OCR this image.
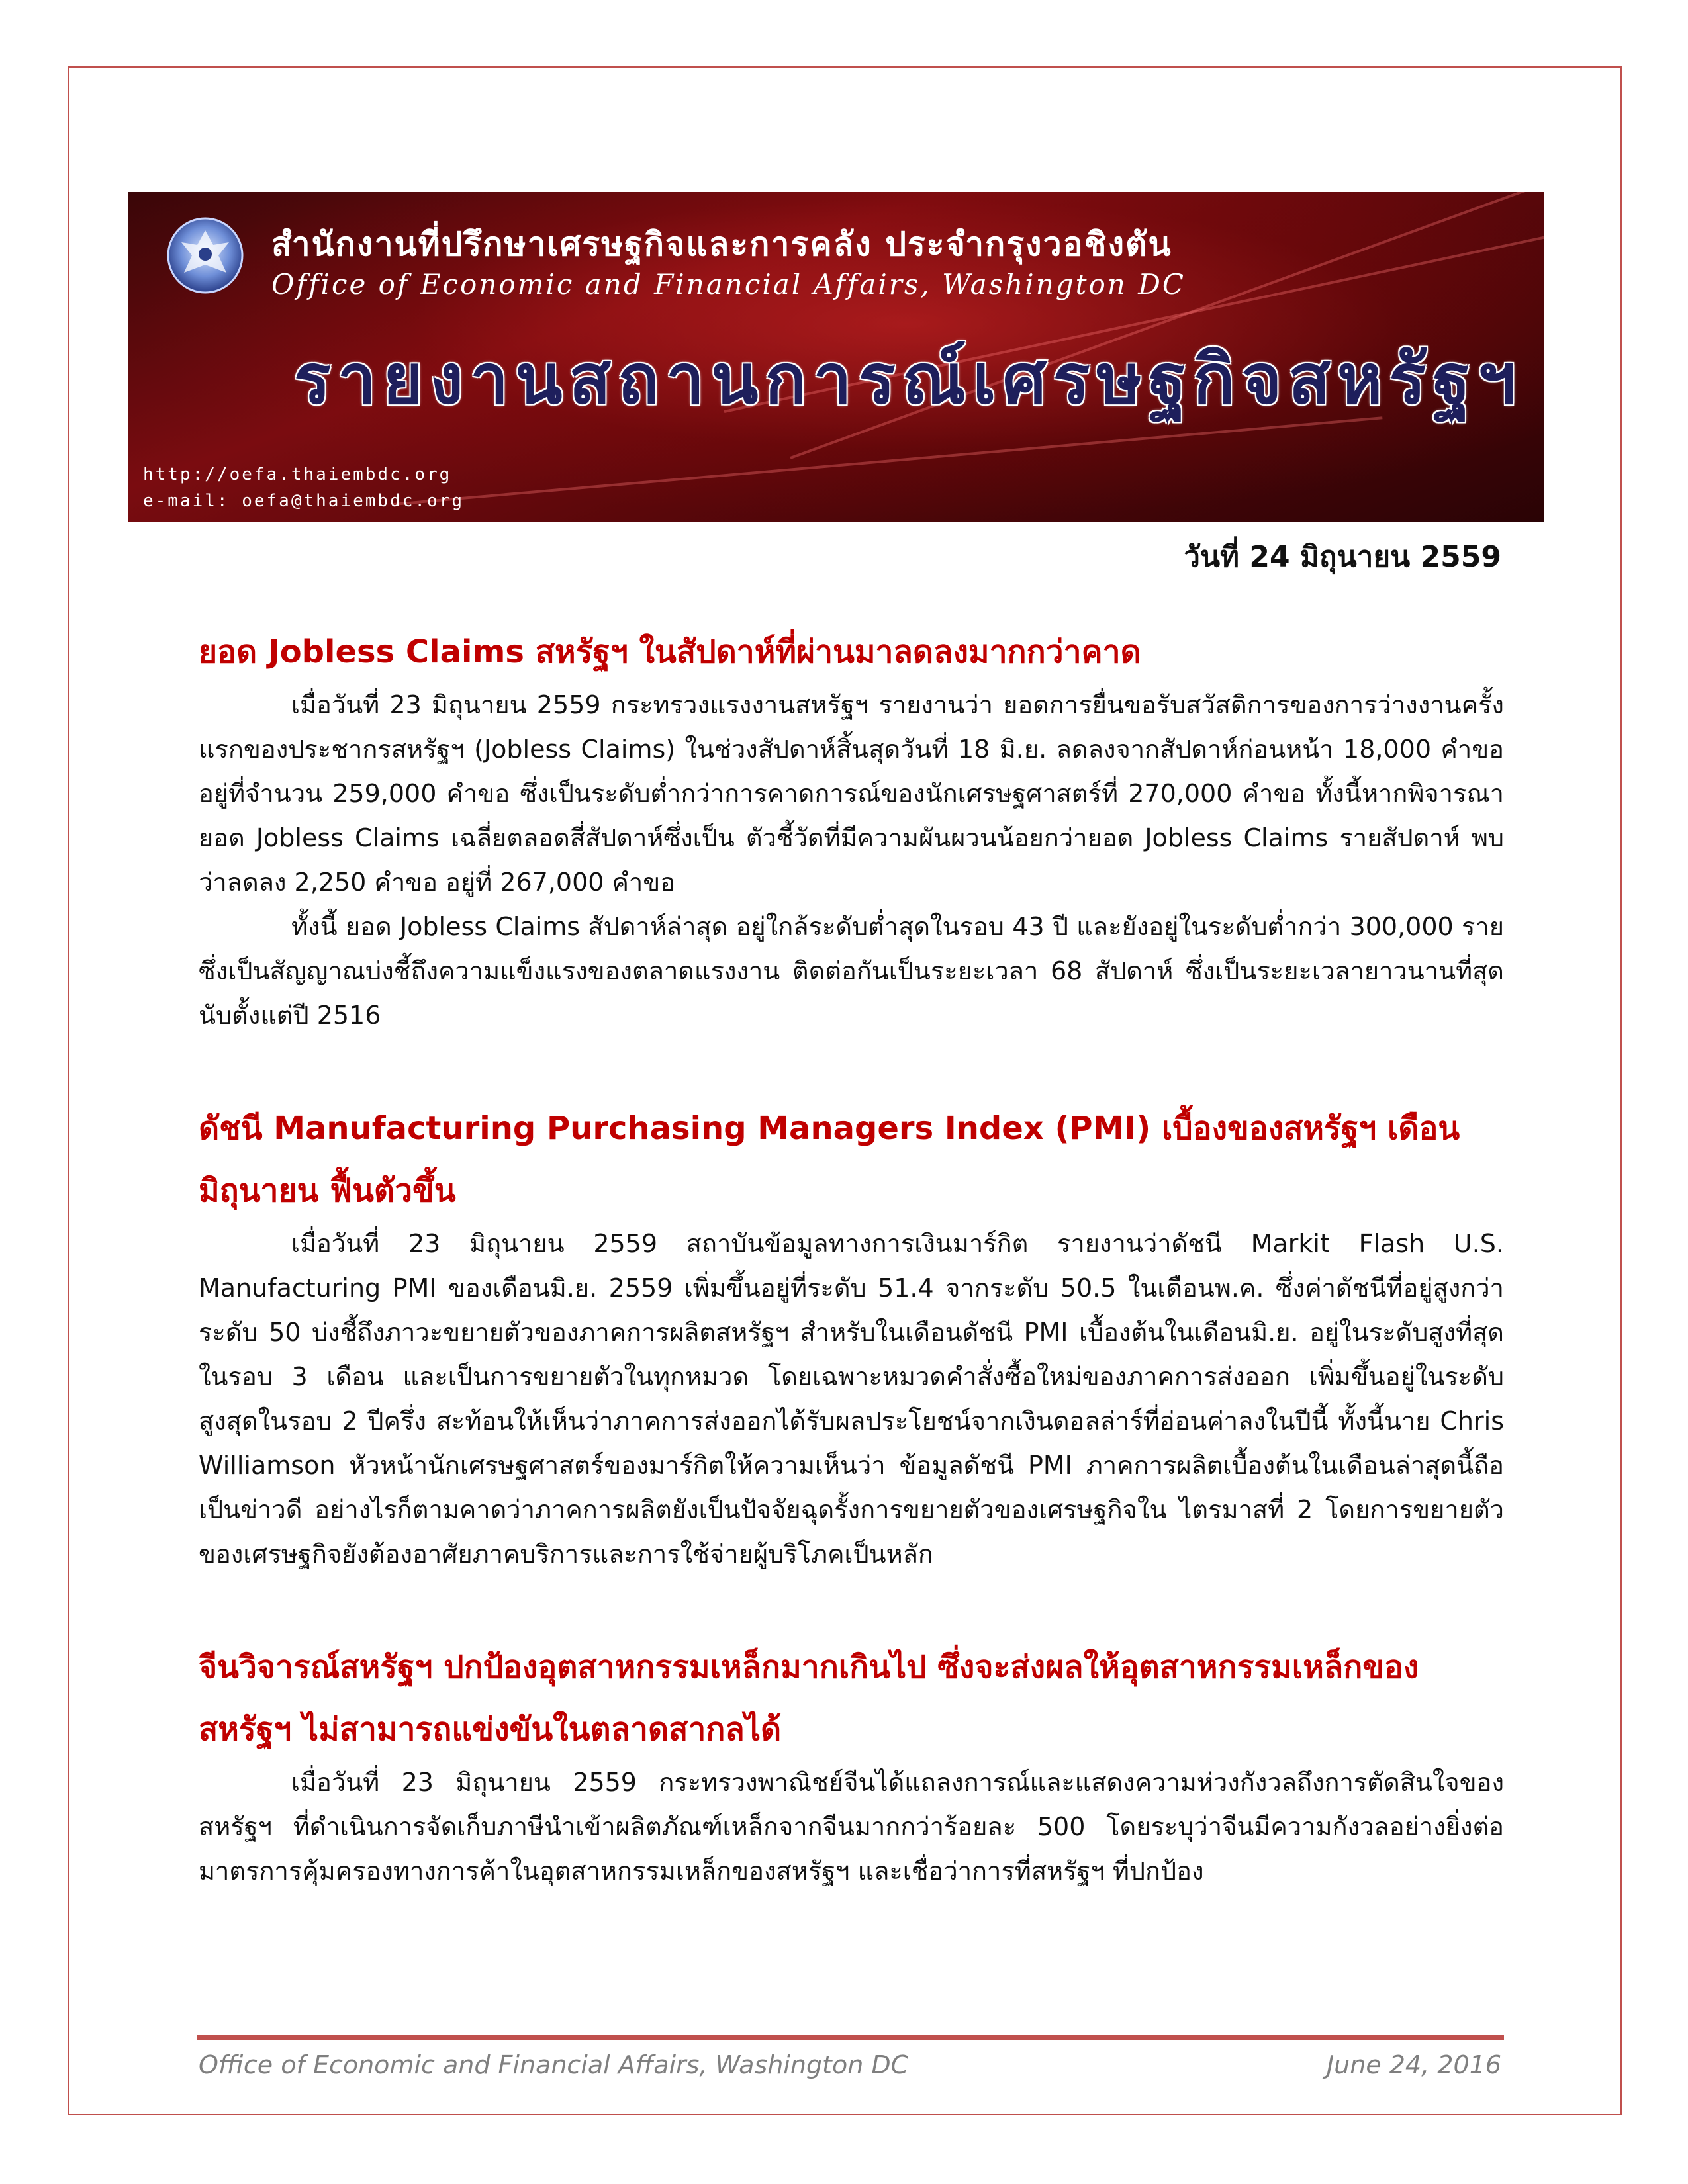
สำนักงานที่ปรึกษาเศรษฐกิจและการคลัง ประจำกรุงวอชิงตัน
Office of Economic and Financial Affairs, Washington DC
รายงานสถานการณ์เศรษฐกิจสหรัฐฯ
http://oefa.thaiembdc.org
e-mail: oefa@thaiembdc.org
วันที่ 24 มิถุนายน 2559
ยอด Jobless Claims สหรัฐฯ ในสัปดาห์ที่ผ่านมาลดลงมากกว่าคาด

เมื่อวันที่ 23 มิถุนายน 2559 กระทรวงแรงงานสหรัฐฯ รายงานว่า ยอดการยื่นขอรับสวัสดิการของการว่างงานครั้งแรกของประชากรสหรัฐฯ (Jobless Claims) ในช่วงสัปดาห์สิ้นสุดวันที่ 18 มิ.ย. ลดลงจากสัปดาห์ก่อนหน้า 18,000 คำขอ อยู่ที่จำนวน 259,000 คำขอ ซึ่งเป็นระดับต่ำกว่าการคาดการณ์ของนักเศรษฐศาสตร์ที่ 270,000 คำขอ ทั้งนี้หากพิจารณายอด Jobless Claims เฉลี่ยตลอดสี่สัปดาห์ซึ่งเป็น ตัวชี้วัดที่มีความผันผวนน้อยกว่ายอด Jobless Claims รายสัปดาห์ พบว่าลดลง 2,250 คำขอ อยู่ที่ 267,000 คำขอ

ทั้งนี้ ยอด Jobless Claims สัปดาห์ล่าสุด อยู่ใกล้ระดับต่ำสุดในรอบ 43 ปี และยังอยู่ในระดับต่ำกว่า 300,000 ราย ซึ่งเป็นสัญญาณบ่งชี้ถึงความแข็งแรงของตลาดแรงงาน ติดต่อกันเป็นระยะเวลา 68 สัปดาห์ ซึ่งเป็นระยะเวลายาวนานที่สุดนับตั้งแต่ปี 2516

ดัชนี Manufacturing Purchasing Managers Index (PMI) เบื้องของสหรัฐฯ เดือนมิถุนายน ฟื้นตัวขึ้น

เมื่อวันที่ 23 มิถุนายน 2559 สถาบันข้อมูลทางการเงินมาร์กิต รายงานว่าดัชนี Markit Flash U.S. Manufacturing PMI ของเดือนมิ.ย. 2559 เพิ่มขึ้นอยู่ที่ระดับ 51.4 จากระดับ 50.5 ในเดือนพ.ค. ซึ่งค่าดัชนีที่อยู่สูงกว่าระดับ 50 บ่งชี้ถึงภาวะขยายตัวของภาคการผลิตสหรัฐฯ สำหรับในเดือนดัชนี PMI เบื้องต้นในเดือนมิ.ย. อยู่ในระดับสูงที่สุดในรอบ 3 เดือน และเป็นการขยายตัวในทุกหมวด โดยเฉพาะหมวดคำสั่งซื้อใหม่ของภาคการส่งออก เพิ่มขึ้นอยู่ในระดับสูงสุดในรอบ 2 ปีครึ่ง สะท้อนให้เห็นว่าภาคการส่งออกได้รับผลประโยชน์จากเงินดอลล่าร์ที่อ่อนค่าลงในปีนี้ ทั้งนี้นาย Chris Williamson หัวหน้านักเศรษฐศาสตร์ของมาร์กิตให้ความเห็นว่า ข้อมูลดัชนี PMI ภาคการผลิตเบื้องต้นในเดือนล่าสุดนี้ถือเป็นข่าวดี อย่างไรก็ตามคาดว่าภาคการผลิตยังเป็นปัจจัยฉุดรั้งการขยายตัวของเศรษฐกิจใน ไตรมาสที่ 2 โดยการขยายตัวของเศรษฐกิจยังต้องอาศัยภาคบริการและการใช้จ่ายผู้บริโภคเป็นหลัก

จีนวิจารณ์สหรัฐฯ ปกป้องอุตสาหกรรมเหล็กมากเกินไป ซึ่งจะส่งผลให้อุตสาหกรรมเหล็กของสหรัฐฯ ไม่สามารถแข่งขันในตลาดสากลได้

เมื่อวันที่ 23 มิถุนายน 2559 กระทรวงพาณิชย์จีนได้แถลงการณ์และแสดงความห่วงกังวลถึงการตัดสินใจของสหรัฐฯ ที่ดำเนินการจัดเก็บภาษีนำเข้าผลิตภัณฑ์เหล็กจากจีนมากกว่าร้อยละ 500 โดยระบุว่าจีนมีความกังวลอย่างยิ่งต่อมาตรการคุ้มครองทางการค้าในอุตสาหกรรมเหล็กของสหรัฐฯ และเชื่อว่าการที่สหรัฐฯ ที่ปกป้อง

Office of Economic and Financial Affairs, Washington DC	June 24, 2016
